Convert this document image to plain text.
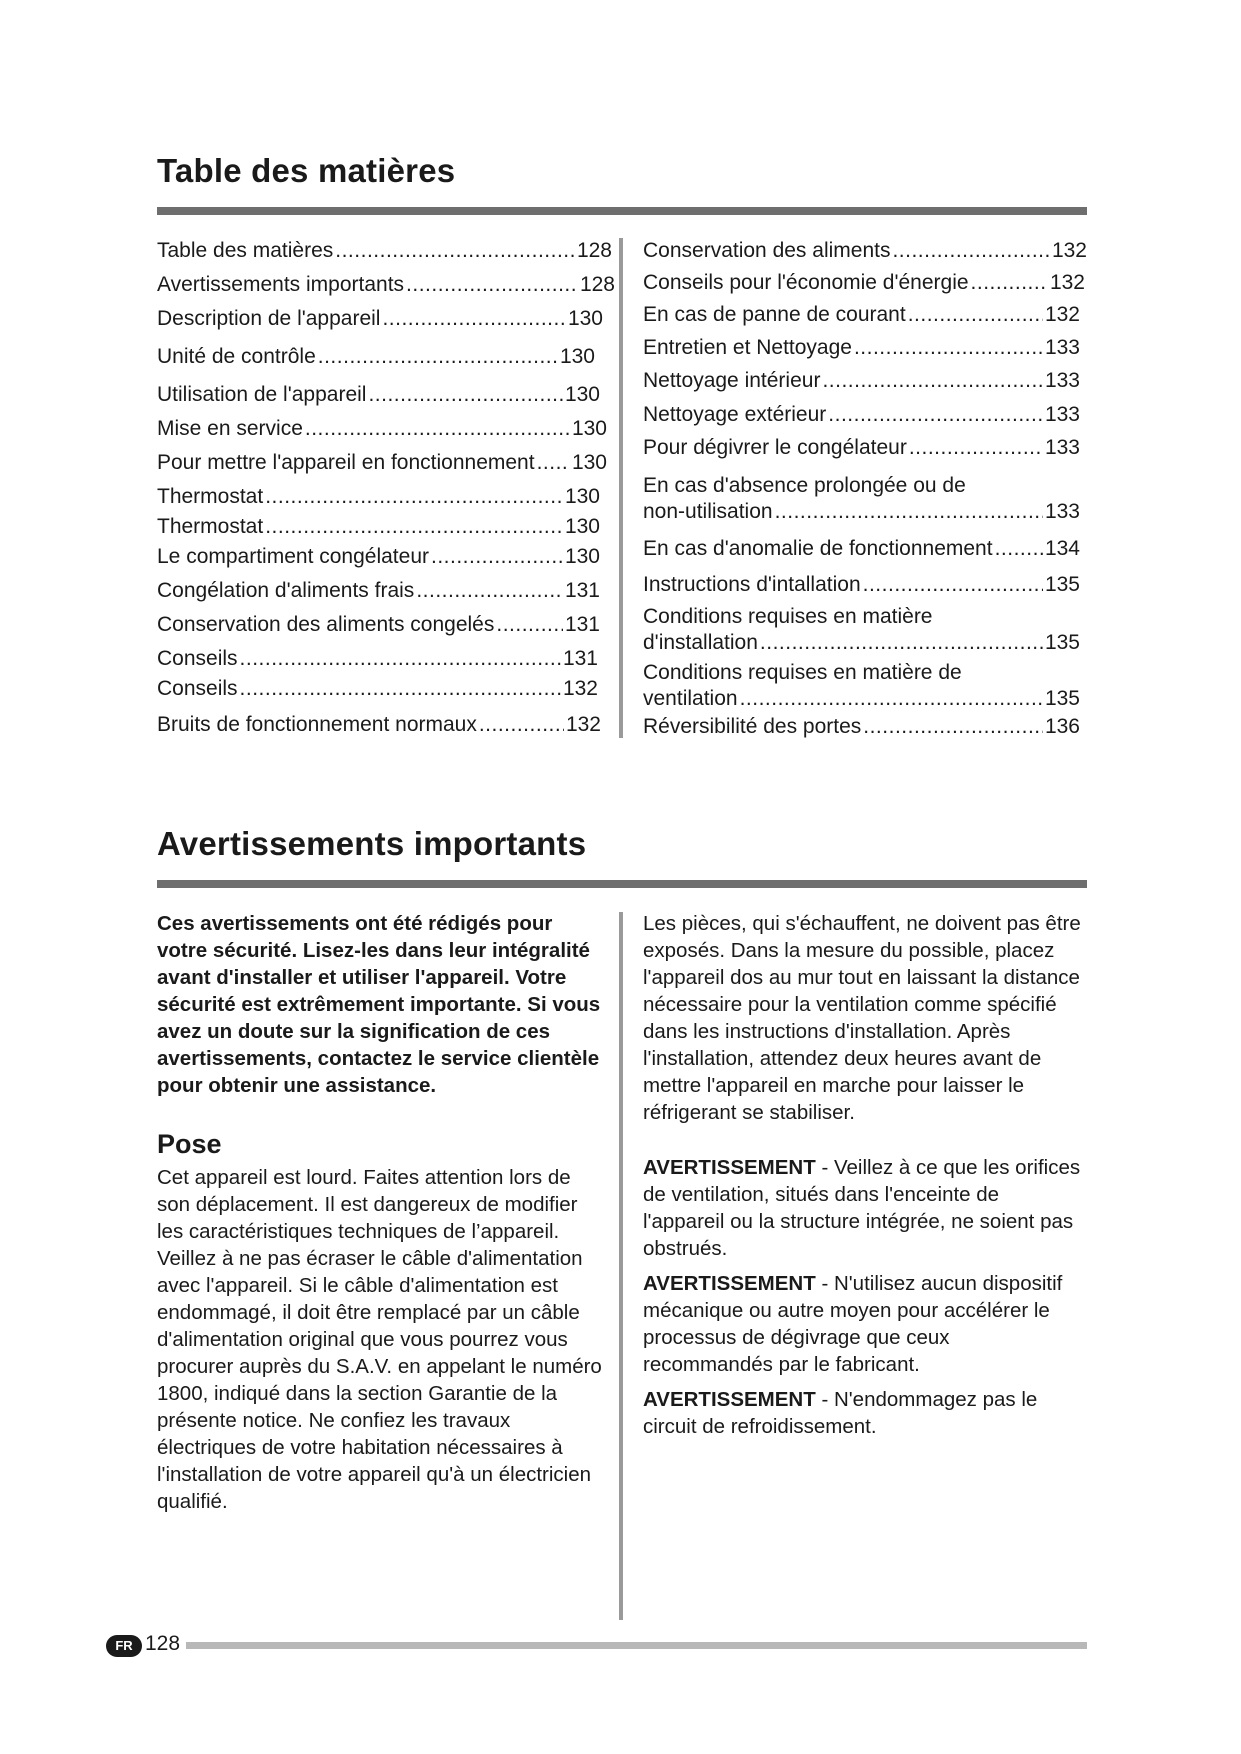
Table des matières
Table des matières .....	128
Avertissements importants .....	128
Description de l'appareil .....	130
Unité de contrôle .....	130
Utilisation de l'appareil .....	130
Mise en service .....	130
Pour mettre l'appareil en fonctionnement ..... 130
Thermostat .....	130
Thermostat .....	130
Le compartiment congélateur .....	130
Congélation d'aliments frais .....	131
Conservation des aliments congelés .....	131
Conseils .....	131
Conseils .....	132
Bruits de fonctionnement normaux .....	132
Conservation des aliments .....	132
Conseils pour l'économie d'énergie .....	132
En cas de panne de courant .....	132
Entretien et Nettoyage .....	133
Nettoyage intérieur .....	133
Nettoyage extérieur .....	133
Pour dégivrer le congélateur .....	133
En cas d'absence prolongée ou de
non-utilisation .....	133
En cas d'anomalie de fonctionnement ..... 134
Instructions d'intallation .....	135
Conditions requises en matière
d'installation .....	135
Conditions requises en matière de
ventilation .....	135
Réversibilité des portes .....	136
Avertissements importants

Ces avertissements ont été rédigés pour votre sécurité. Lisez-les dans leur intégralité avant d'installer et utiliser l'appareil. Votre sécurité est extrêmement importante. Si vous avez un doute sur la signification de ces avertissements, contactez le service clientèle pour obtenir une assistance.

Pose

Cet appareil est lourd. Faites attention lors de son déplacement. Il est dangereux de modifier les caractéristiques techniques de l’appareil. Veillez à ne pas écraser le câble d'alimentation avec l'appareil. Si le câble d'alimentation est endommagé, il doit être remplacé par un câble d'alimentation original que vous pourrez vous procurer auprès du S.A.V. en appelant le numéro 1800, indiqué dans la section Garantie de la présente notice. Ne confiez les travaux électriques de votre habitation nécessaires à l'installation de votre appareil qu'à un électricien qualifié.

Les pièces, qui s'échauffent, ne doivent pas être exposés. Dans la mesure du possible, placez l'appareil dos au mur tout en laissant la distance nécessaire pour la ventilation comme spécifié dans les instructions d'installation. Après l'installation, attendez deux heures avant de mettre l'appareil en marche pour laisser le réfrigerant se stabiliser.

AVERTISSEMENT - Veillez à ce que les orifices de ventilation, situés dans l'enceinte de l'appareil ou la structure intégrée, ne soient pas obstrués.

AVERTISSEMENT - N'utilisez aucun dispositif mécanique ou autre moyen pour accélérer le processus de dégivrage que ceux recommandés par le fabricant.

AVERTISSEMENT - N'endommagez pas le circuit de refroidissement.

FR 128
